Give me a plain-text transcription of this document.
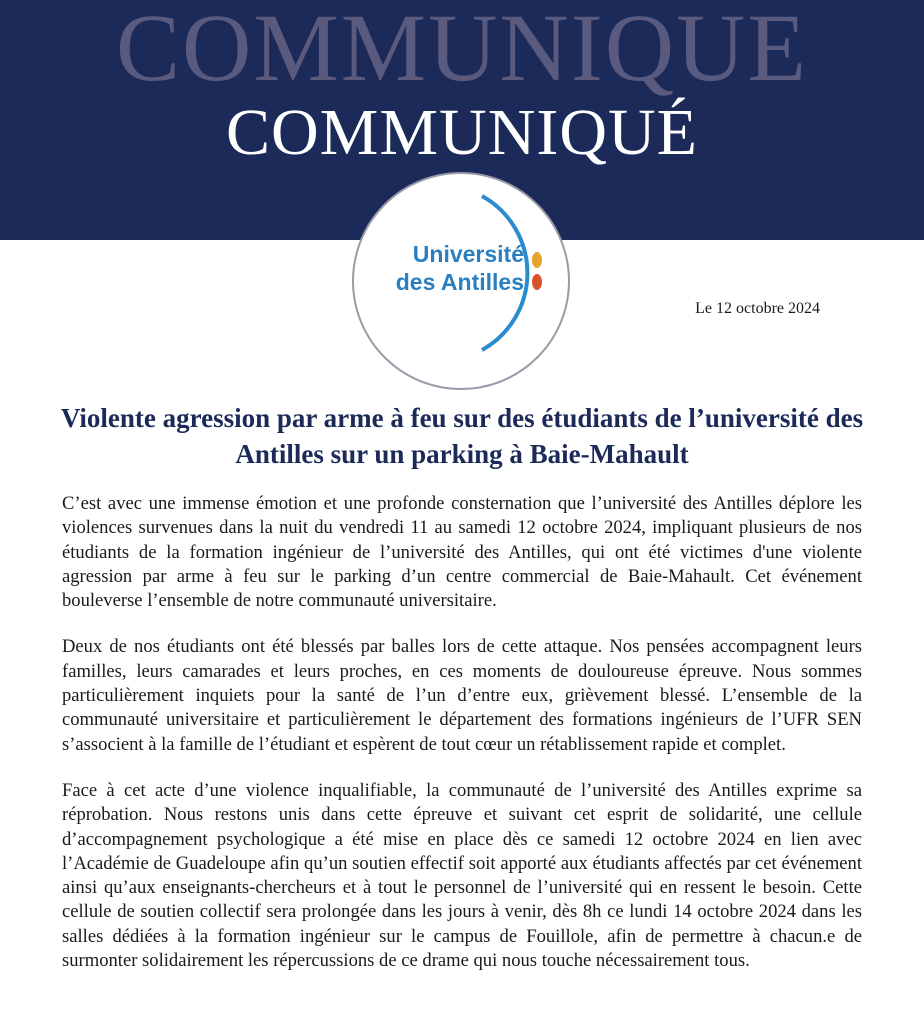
COMMUNIQUE
COMMUNIQUÉ
Université
des Antilles
Le 12 octobre 2024
Violente agression par arme à feu sur des étudiants de l’université des Antilles sur un parking à Baie-Mahault

C’est avec une immense émotion et une profonde consternation que l’université des Antilles déplore les violences survenues dans la nuit du vendredi 11 au samedi 12 octobre 2024, impliquant plusieurs de nos étudiants de la formation ingénieur de l’université des Antilles, qui ont été victimes d'une violente agression par arme à feu sur le parking d’un centre commercial de Baie-Mahault. Cet événement bouleverse l’ensemble de notre communauté universitaire.

Deux de nos étudiants ont été blessés par balles lors de cette attaque. Nos pensées accompagnent leurs familles, leurs camarades et leurs proches, en ces moments de douloureuse épreuve. Nous sommes particulièrement inquiets pour la santé de l’un d’entre eux, grièvement blessé. L’ensemble de la communauté universitaire et particulièrement le département des formations ingénieurs de l’UFR SEN s’associent à la famille de l’étudiant et espèrent de tout cœur un rétablissement rapide et complet.

Face à cet acte d’une violence inqualifiable, la communauté de l’université des Antilles exprime sa réprobation. Nous restons unis dans cette épreuve et suivant cet esprit de solidarité, une cellule d’accompagnement psychologique a été mise en place dès ce samedi 12 octobre 2024 en lien avec l’Académie de Guadeloupe afin qu’un soutien effectif soit apporté aux étudiants affectés par cet événement ainsi qu’aux enseignants-chercheurs et à tout le personnel de l’université qui en ressent le besoin. Cette cellule de soutien collectif sera prolongée dans les jours à venir, dès 8h ce lundi 14 octobre 2024 dans les salles dédiées à la formation ingénieur sur le campus de Fouillole, afin de permettre à chacun.e de surmonter solidairement les répercussions de ce drame qui nous touche nécessairement tous.
